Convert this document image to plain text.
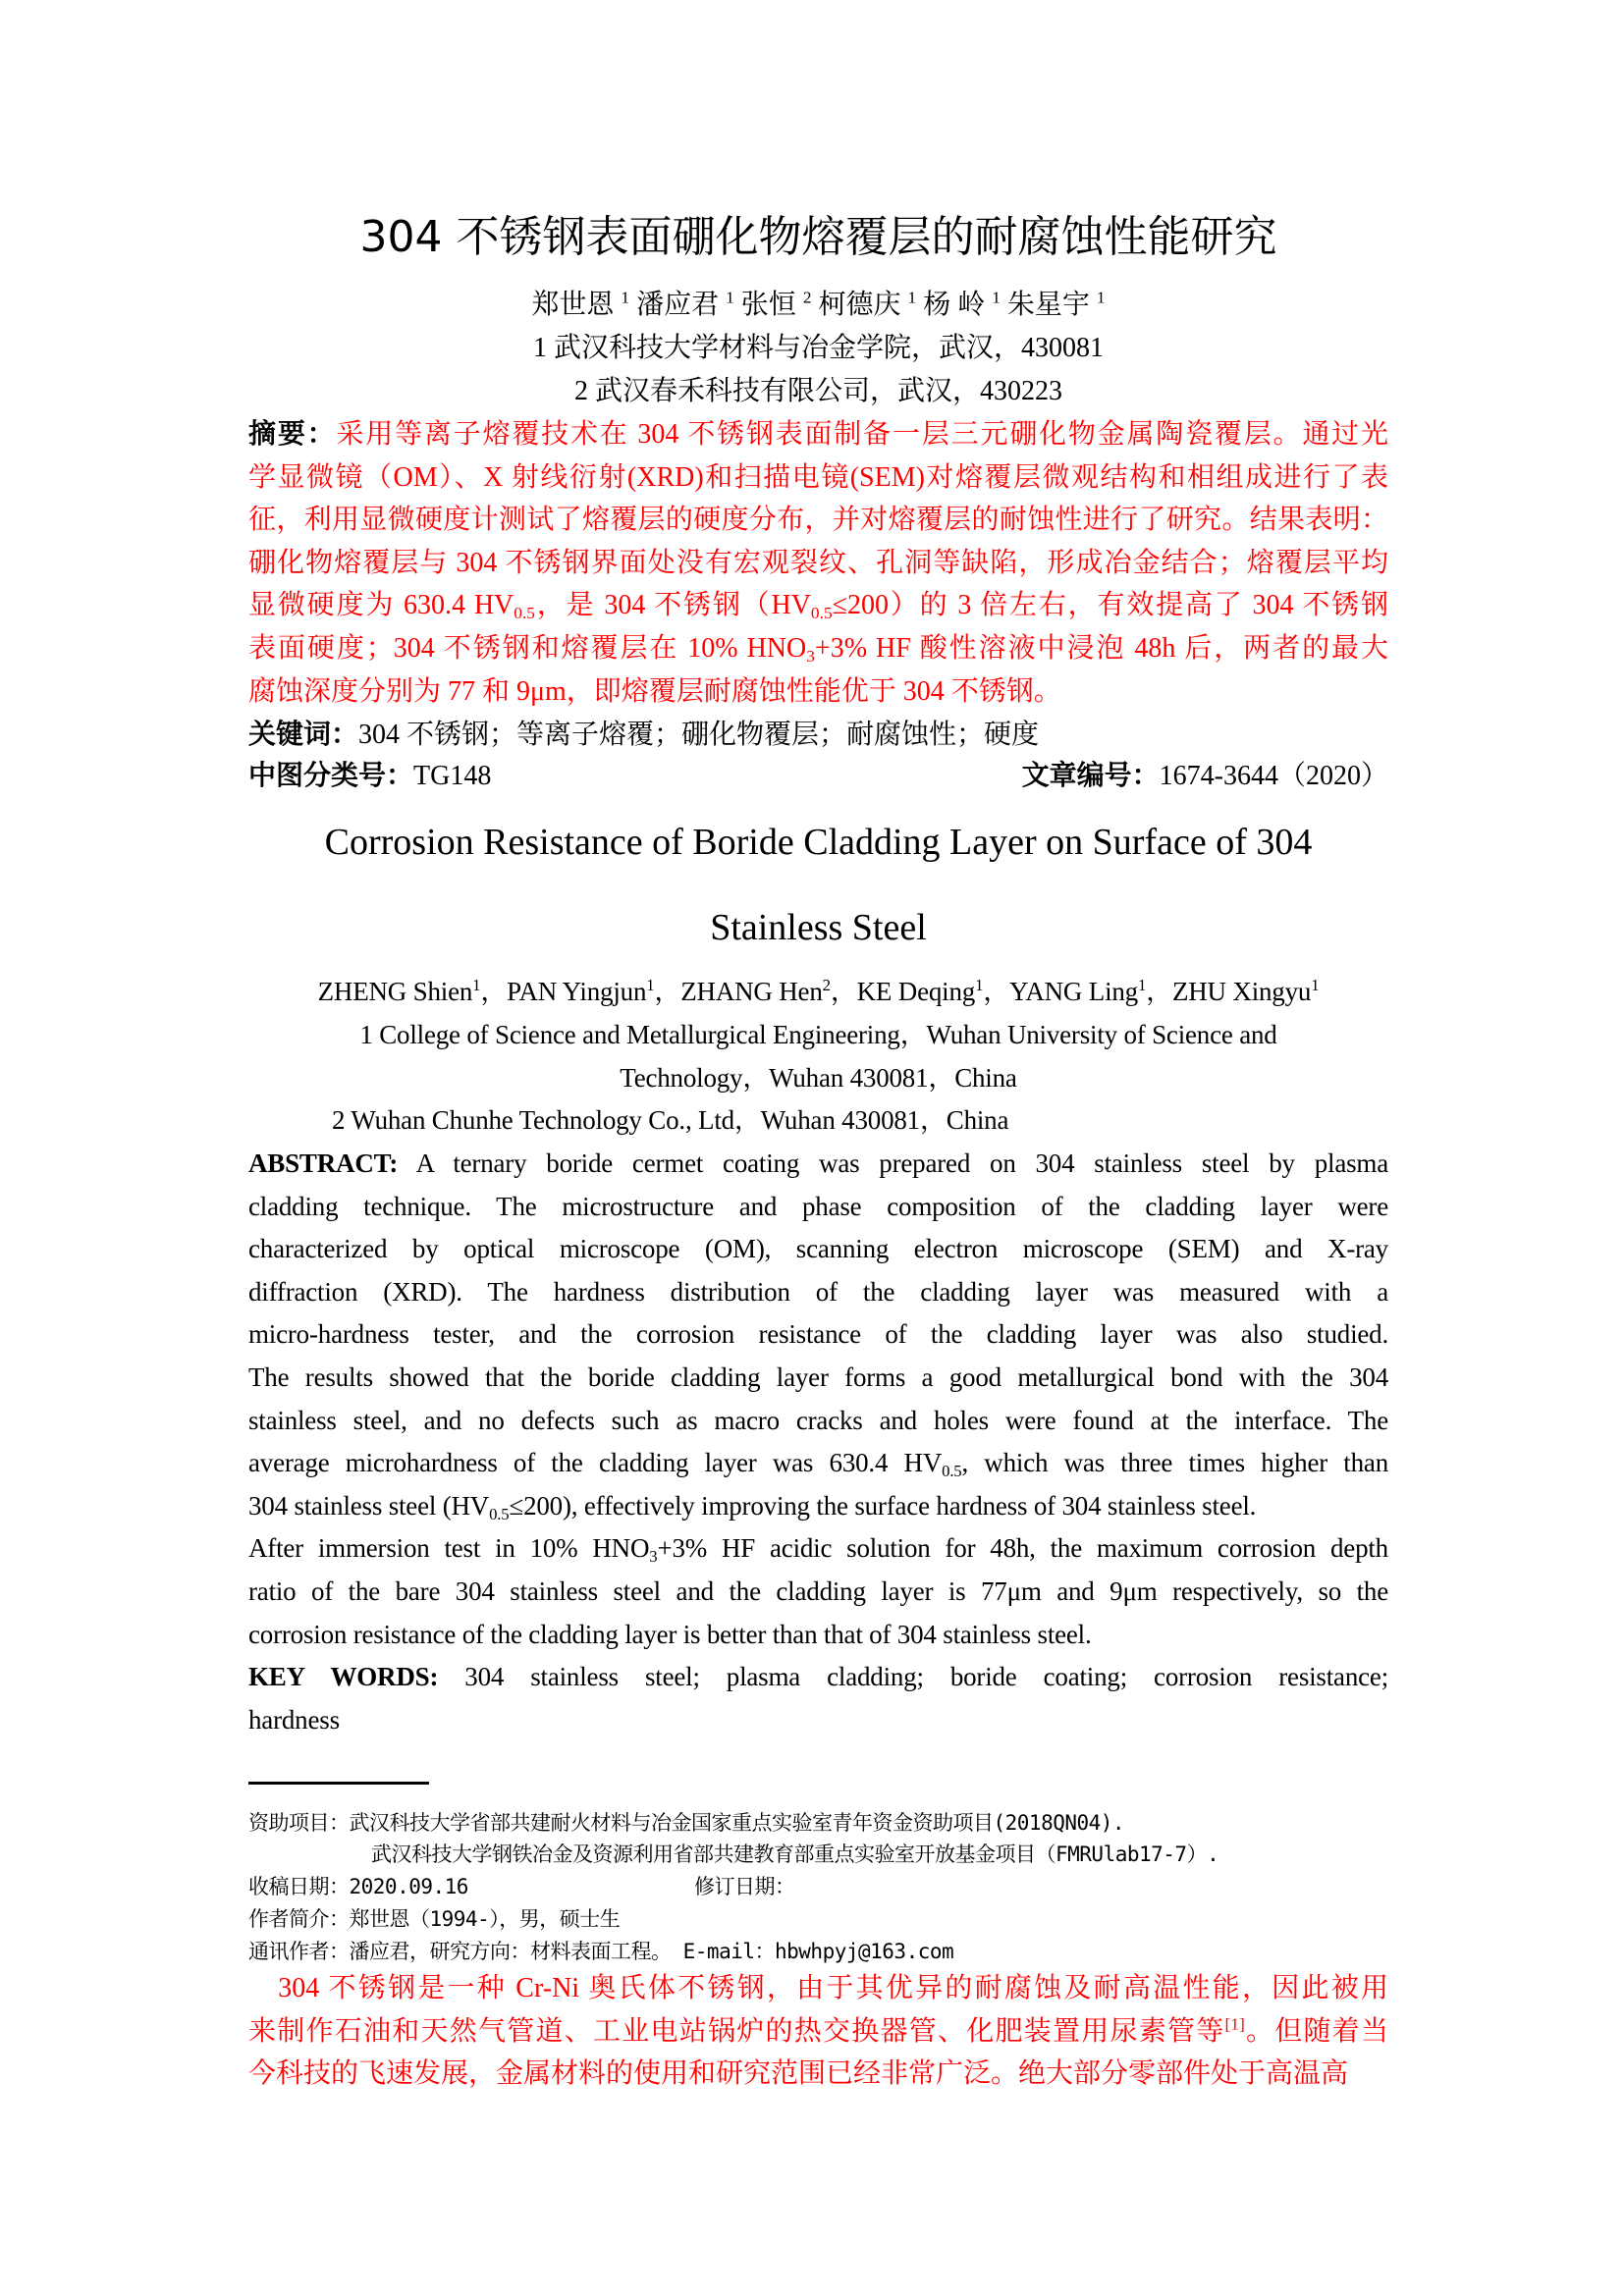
304 不锈钢表面硼化物熔覆层的耐腐蚀性能研究
郑世恩 $^1$ 潘应君 $^1$ 张恒 $^2$ 柯德庆 $^1$ 杨 岭 $^1$ 朱星宇 $^1$
1 武汉科技大学材料与冶金学院，武汉，430081
2 武汉春禾科技有限公司，武汉，430223
关键词：304 不锈钢；等离子熔覆；硼化物覆层；耐腐蚀性；硬度
中图分类号：TG148	文章编号：1674-3644（2020）
Corrosion Resistance of Boride Cladding Layer on Surface of 304
Stainless Steel
ZHENG Shien$^1$，PAN Yingjun$^1$，ZHANG Hen$^2$，KE Deqing$^1$，YANG Ling$^1$，ZHU Xingyu$^1$
1 College of Science and Metallurgical Engineering，Wuhan University of Science and
Technology，Wuhan 430081，China
2 Wuhan Chunhe Technology Co., Ltd，Wuhan 430081，China
资助项目：武汉科技大学省部共建耐火材料与冶金国家重点实验室青年资金资助项目(2018QN04).
武汉科技大学钢铁冶金及资源利用省部共建教育部重点实验室开放基金项目（FMRUlab17-7）.
收稿日期：2020.09.16	修订日期：
作者简介：郑世恩（1994-），男，硕士生
通讯作者：潘应君，研究方向：材料表面工程。 E-mail：hbwhpyj@163.com
摘要：采用等离子熔覆技术在 304 不锈钢表面制备一层三元硼化物金属陶瓷覆层。通过光
学显微镜（OM）、X 射线衍射(XRD)和扫描电镜(SEM)对熔覆层微观结构和相组成进行了表
征，利用显微硬度计测试了熔覆层的硬度分布，并对熔覆层的耐蚀性进行了研究。结果表明：
硼化物熔覆层与 304 不锈钢界面处没有宏观裂纹、孔洞等缺陷，形成冶金结合；熔覆层平均
显微硬度为 630.4 $HV_{0.5}$，是 304 不锈钢$(HV_{0.5}\le 200)$的 3 倍左右，有效提高了 304 不锈钢
表面硬度；304 不锈钢和熔覆层在 10% $HNO_3+3\%$ HF 酸性溶液中浸泡 48h 后，两者的最大
腐蚀深度分别为 77 和 9μm，即熔覆层耐腐蚀性能优于 304 不锈钢。
ABSTRACT: A ternary boride cermet coating was prepared on 304 stainless steel by plasma
cladding technique. The microstructure and phase composition of the cladding layer were
characterized by optical microscope (OM), scanning electron microscope (SEM) and X-ray
diffraction (XRD). The hardness distribution of the cladding layer was measured with a
micro-hardness tester, and the corrosion resistance of the cladding layer was also studied.
The results showed that the boride cladding layer forms a good metallurgical bond with the 304
stainless steel, and no defects such as macro cracks and holes were found at the interface. The
average microhardness of the cladding layer was 630.4 $HV_{0.5}$, which was three times higher than
304 stainless steel $(HV_{0.5}\le 200)$, effectively improving the surface hardness of 304 stainless steel.
After immersion test in 10% $HNO_3+3\%$ HF acidic solution for 48h, the maximum corrosion depth
ratio of the bare 304 stainless steel and the cladding layer is 77μm and 9μm respectively, so the
corrosion resistance of the cladding layer is better than that of 304 stainless steel.
KEY WORDS: 304 stainless steel; plasma cladding; boride coating; corrosion resistance;
hardness
　304 不锈钢是一种 Cr-Ni 奥氏体不锈钢，由于其优异的耐腐蚀及耐高温性能，因此被用
来制作石油和天然气管道、工业电站锅炉的热交换器管、化肥装置用尿素管等[1]。但随着当
今科技的飞速发展，金属材料的使用和研究范围已经非常广泛。绝大部分零部件处于高温高
